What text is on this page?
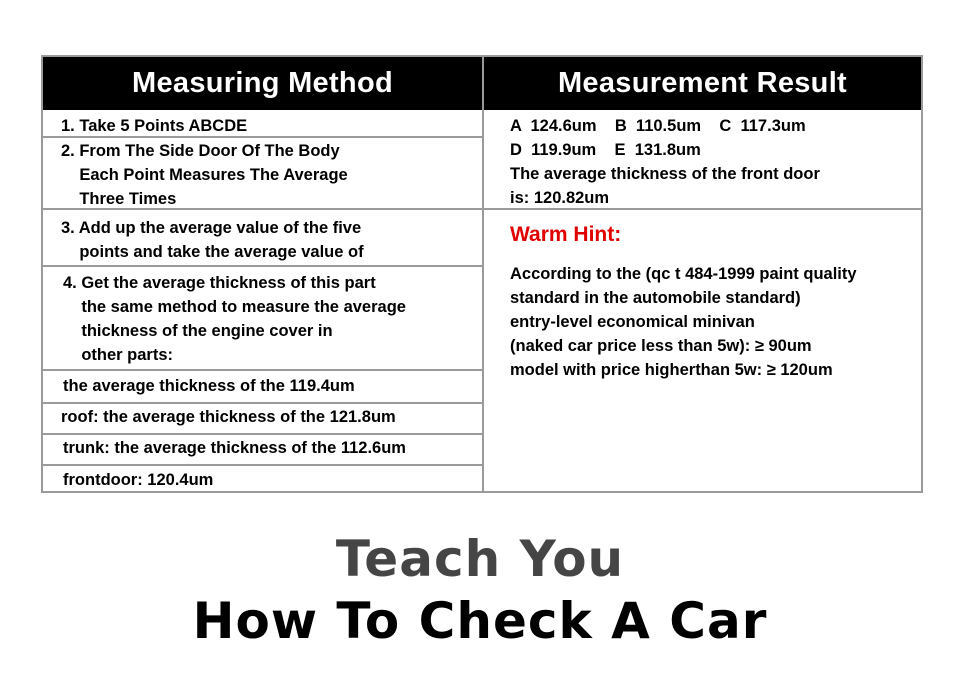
Measuring Method	Measurement Result
1. Take 5 Points ABCDE
2. From The Side Door Of The Body
Each Point Measures The Average
Three Times
3. Add up the average value of the five
points and take the average value of
4. Get the average thickness of this part
the same method to measure the average
thickness of the engine cover in
other parts:
the average thickness of the 119.4um
roof: the average thickness of the 121.8um
trunk: the average thickness of the 112.6um
frontdoor: 120.4um
A  124.6um    B  110.5um    C  117.3um
D  119.9um    E  131.8um
The average thickness of the front door
is: 120.82um
Warm Hint:
According to the (qc t 484-1999 paint quality
standard in the automobile standard)
entry-level economical minivan
(naked car price less than 5w): ≥ 90um
model with price higherthan 5w: ≥ 120um
Teach You
How To Check A Car
